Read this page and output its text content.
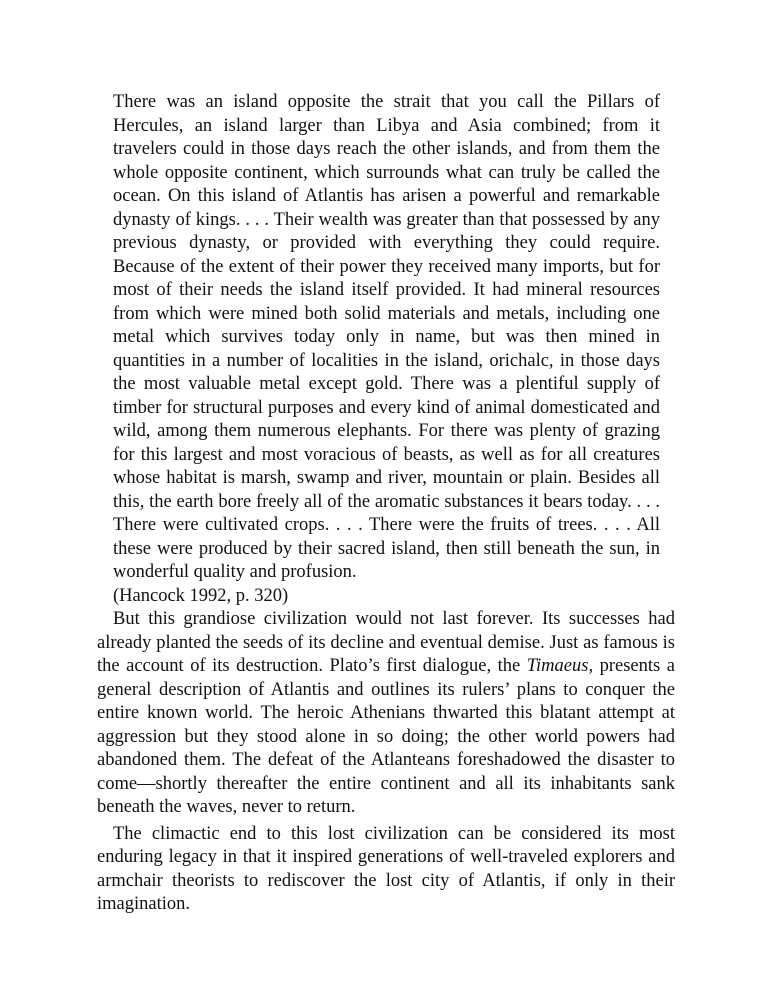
There was an island opposite the strait that you call the Pillars of Hercules, an island larger than Libya and Asia combined; from it travelers could in those days reach the other islands, and from them the whole opposite continent, which surrounds what can truly be called the ocean. On this island of Atlantis has arisen a powerful and remarkable dynasty of kings. . . . Their wealth was greater than that possessed by any previous dynasty, or provided with everything they could require. Because of the extent of their power they received many imports, but for most of their needs the island itself provided. It had mineral resources from which were mined both solid materials and metals, including one metal which survives today only in name, but was then mined in quantities in a number of localities in the island, orichalc, in those days the most valuable metal except gold. There was a plentiful supply of timber for structural purposes and every kind of animal domesticated and wild, among them numerous elephants. For there was plenty of grazing for this largest and most voracious of beasts, as well as for all creatures whose habitat is marsh, swamp and river, mountain or plain. Besides all this, the earth bore freely all of the aromatic substances it bears today. . . . There were cultivated crops. . . . There were the fruits of trees. . . . All these were produced by their sacred island, then still beneath the sun, in wonderful quality and profusion.
(Hancock 1992, p. 320)

But this grandiose civilization would not last forever. Its successes had already planted the seeds of its decline and eventual demise. Just as famous is the account of its destruction. Plato’s first dialogue, the Timaeus, presents a general description of Atlantis and outlines its rulers’ plans to conquer the entire known world. The heroic Athenians thwarted this blatant attempt at aggression but they stood alone in so doing; the other world powers had abandoned them. The defeat of the Atlanteans foreshadowed the disaster to come—shortly thereafter the entire continent and all its inhabitants sank beneath the waves, never to return.

The climactic end to this lost civilization can be considered its most enduring legacy in that it inspired generations of well-traveled explorers and armchair theorists to rediscover the lost city of Atlantis, if only in their imagination.
